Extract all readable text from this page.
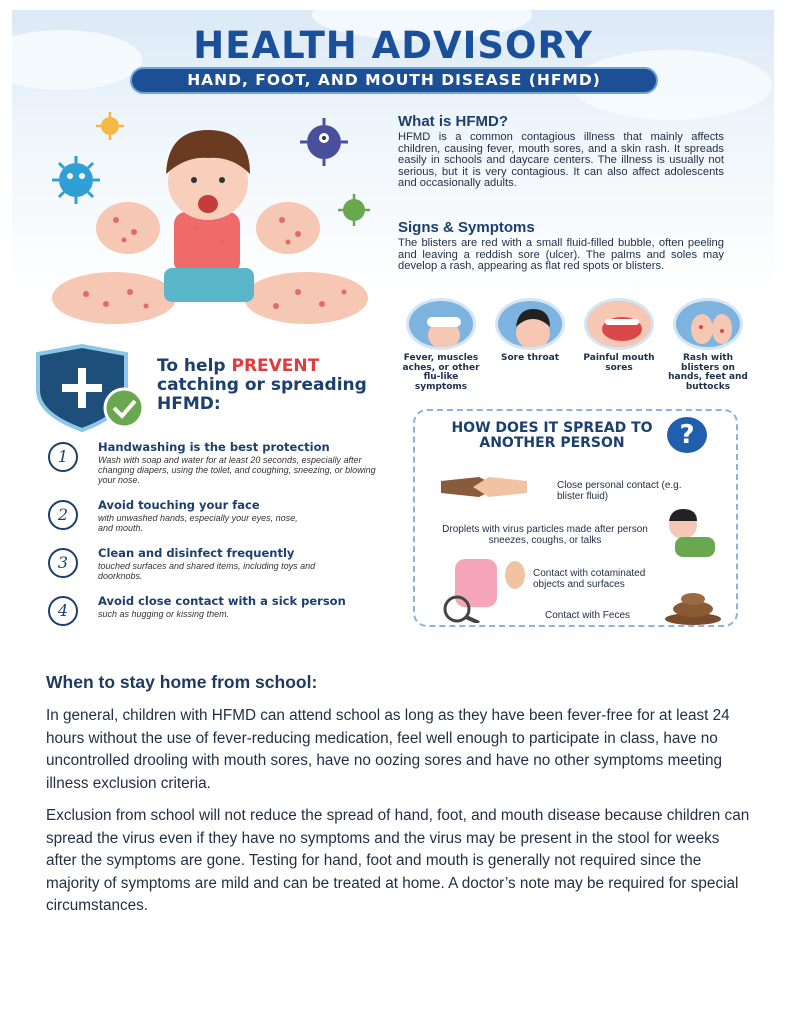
HEALTH ADVISORY
HAND, FOOT, AND MOUTH DISEASE (HFMD)
What is HFMD?
HFMD is a common contagious illness that mainly affects children, causing fever, mouth sores, and a skin rash. It spreads easily in schools and daycare centers. The illness is usually not serious, but it is very contagious. It can also affect adolescents and occasionally adults.
Signs & Symptoms
The blisters are red with a small fluid-filled bubble, often peeling and leaving a reddish sore (ulcer). The palms and soles may develop a rash, appearing as flat red spots or blisters.
Fever, muscles aches, or other flu-like symptoms
Sore throat	Painful mouth sores
Rash with blisters on hands, feet and buttocks
To help PREVENT
catching or spreading HFMD:
1	Handwashing is the best protection
Wash with soap and water for at least 20 seconds, especially after changing diapers, using the toilet, and coughing, sneezing, or blowing your nose.
2	Avoid touching your face
with unwashed hands, especially your eyes, nose, and mouth.
3	Clean and disinfect frequently
touched surfaces and shared items, including toys and doorknobs.
4	Avoid close contact with a sick person
such as hugging or kissing them.
HOW DOES IT SPREAD TO ANOTHER PERSON	?
Close personal contact (e.g. blister fluid)
Droplets with virus particles made after person sneezes, coughs, or talks
Contact with cotaminated objects and surfaces
Contact with Feces
When to stay home from school:
In general, children with HFMD can attend school as long as they have been fever-free for at least 24 hours without the use of fever-reducing medication, feel well enough to participate in class, have no uncontrolled drooling with mouth sores, have no oozing sores and have no other symptoms meeting illness exclusion criteria.
Exclusion from school will not reduce the spread of hand, foot, and mouth disease because children can spread the virus even if they have no symptoms and the virus may be present in the stool for weeks after the symptoms are gone. Testing for hand, foot and mouth is generally not required since the majority of symptoms are mild and can be treated at home. A doctor’s note may be required for special circumstances.
